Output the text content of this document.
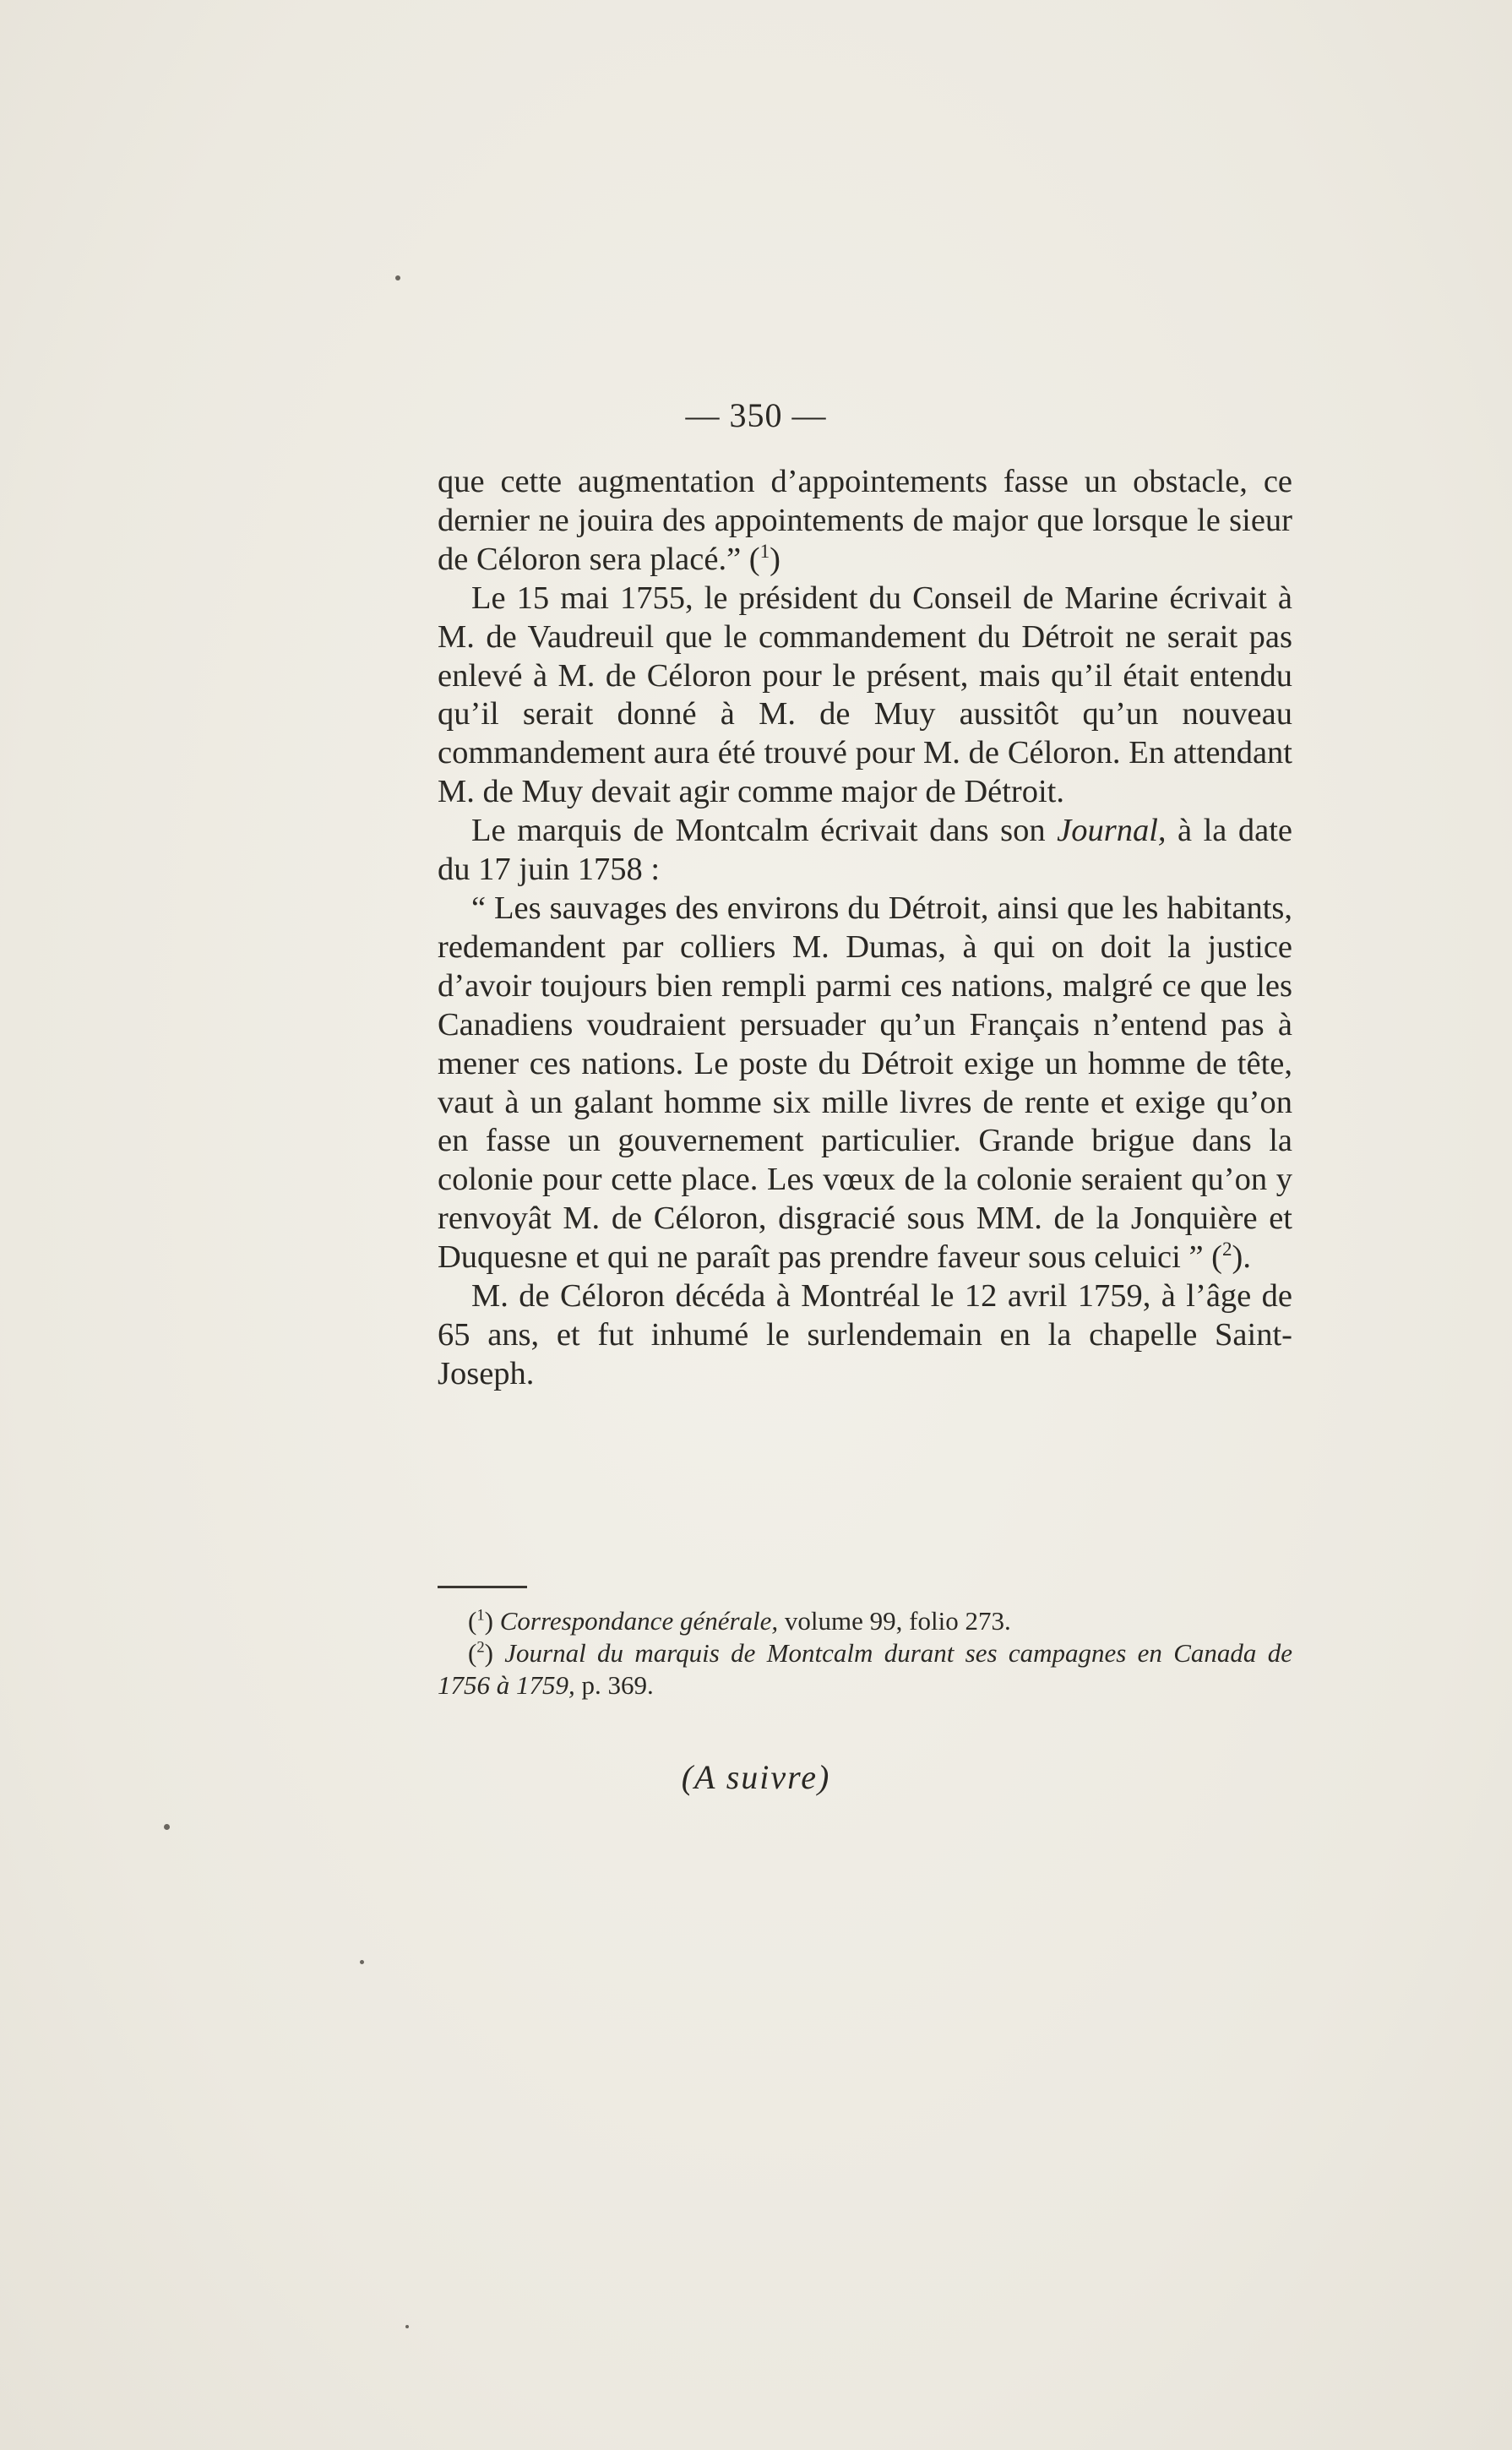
— 350 —

que cette augmentation d’appointements fasse un obstacle, ce dernier ne jouira des appointements de major que lorsque le sieur de Céloron sera placé.” ($^1$)

Le 15 mai 1755, le président du Conseil de Marine écrivait à M. de Vaudreuil que le commandement du Détroit ne serait pas enlevé à M. de Céloron pour le présent, mais qu’il était entendu qu’il serait donné à M. de Muy aussitôt qu’un nouveau commandement aura été trouvé pour M. de Céloron. En attendant M. de Muy devait agir comme major de Détroit.

Le marquis de Montcalm écrivait dans son Journal, à la date du 17 juin 1758 :

“ Les sauvages des environs du Détroit, ainsi que les habitants, redemandent par colliers M. Dumas, à qui on doit la justice d’avoir toujours bien rempli parmi ces nations, malgré ce que les Canadiens voudraient persuader qu’un Français n’entend pas à mener ces nations. Le poste du Détroit exige un homme de tête, vaut à un galant homme six mille livres de rente et exige qu’on en fasse un gouvernement particulier. Grande brigue dans la colonie pour cette place. Les vœux de la colonie seraient qu’on y renvoyât M. de Céloron, disgracié sous MM. de la Jonquière et Duquesne et qui ne paraît pas prendre faveur sous celuici ” ($^2$).

M. de Céloron décéda à Montréal le 12 avril 1759, à l’âge de 65 ans, et fut inhumé le surlendemain en la chapelle Saint-Joseph.

($^1$) Correspondance générale, volume 99, folio 273.

($^2$) Journal du marquis de Montcalm durant ses campagnes en Canada de 1756 à 1759, p. 369.

(A suivre)
